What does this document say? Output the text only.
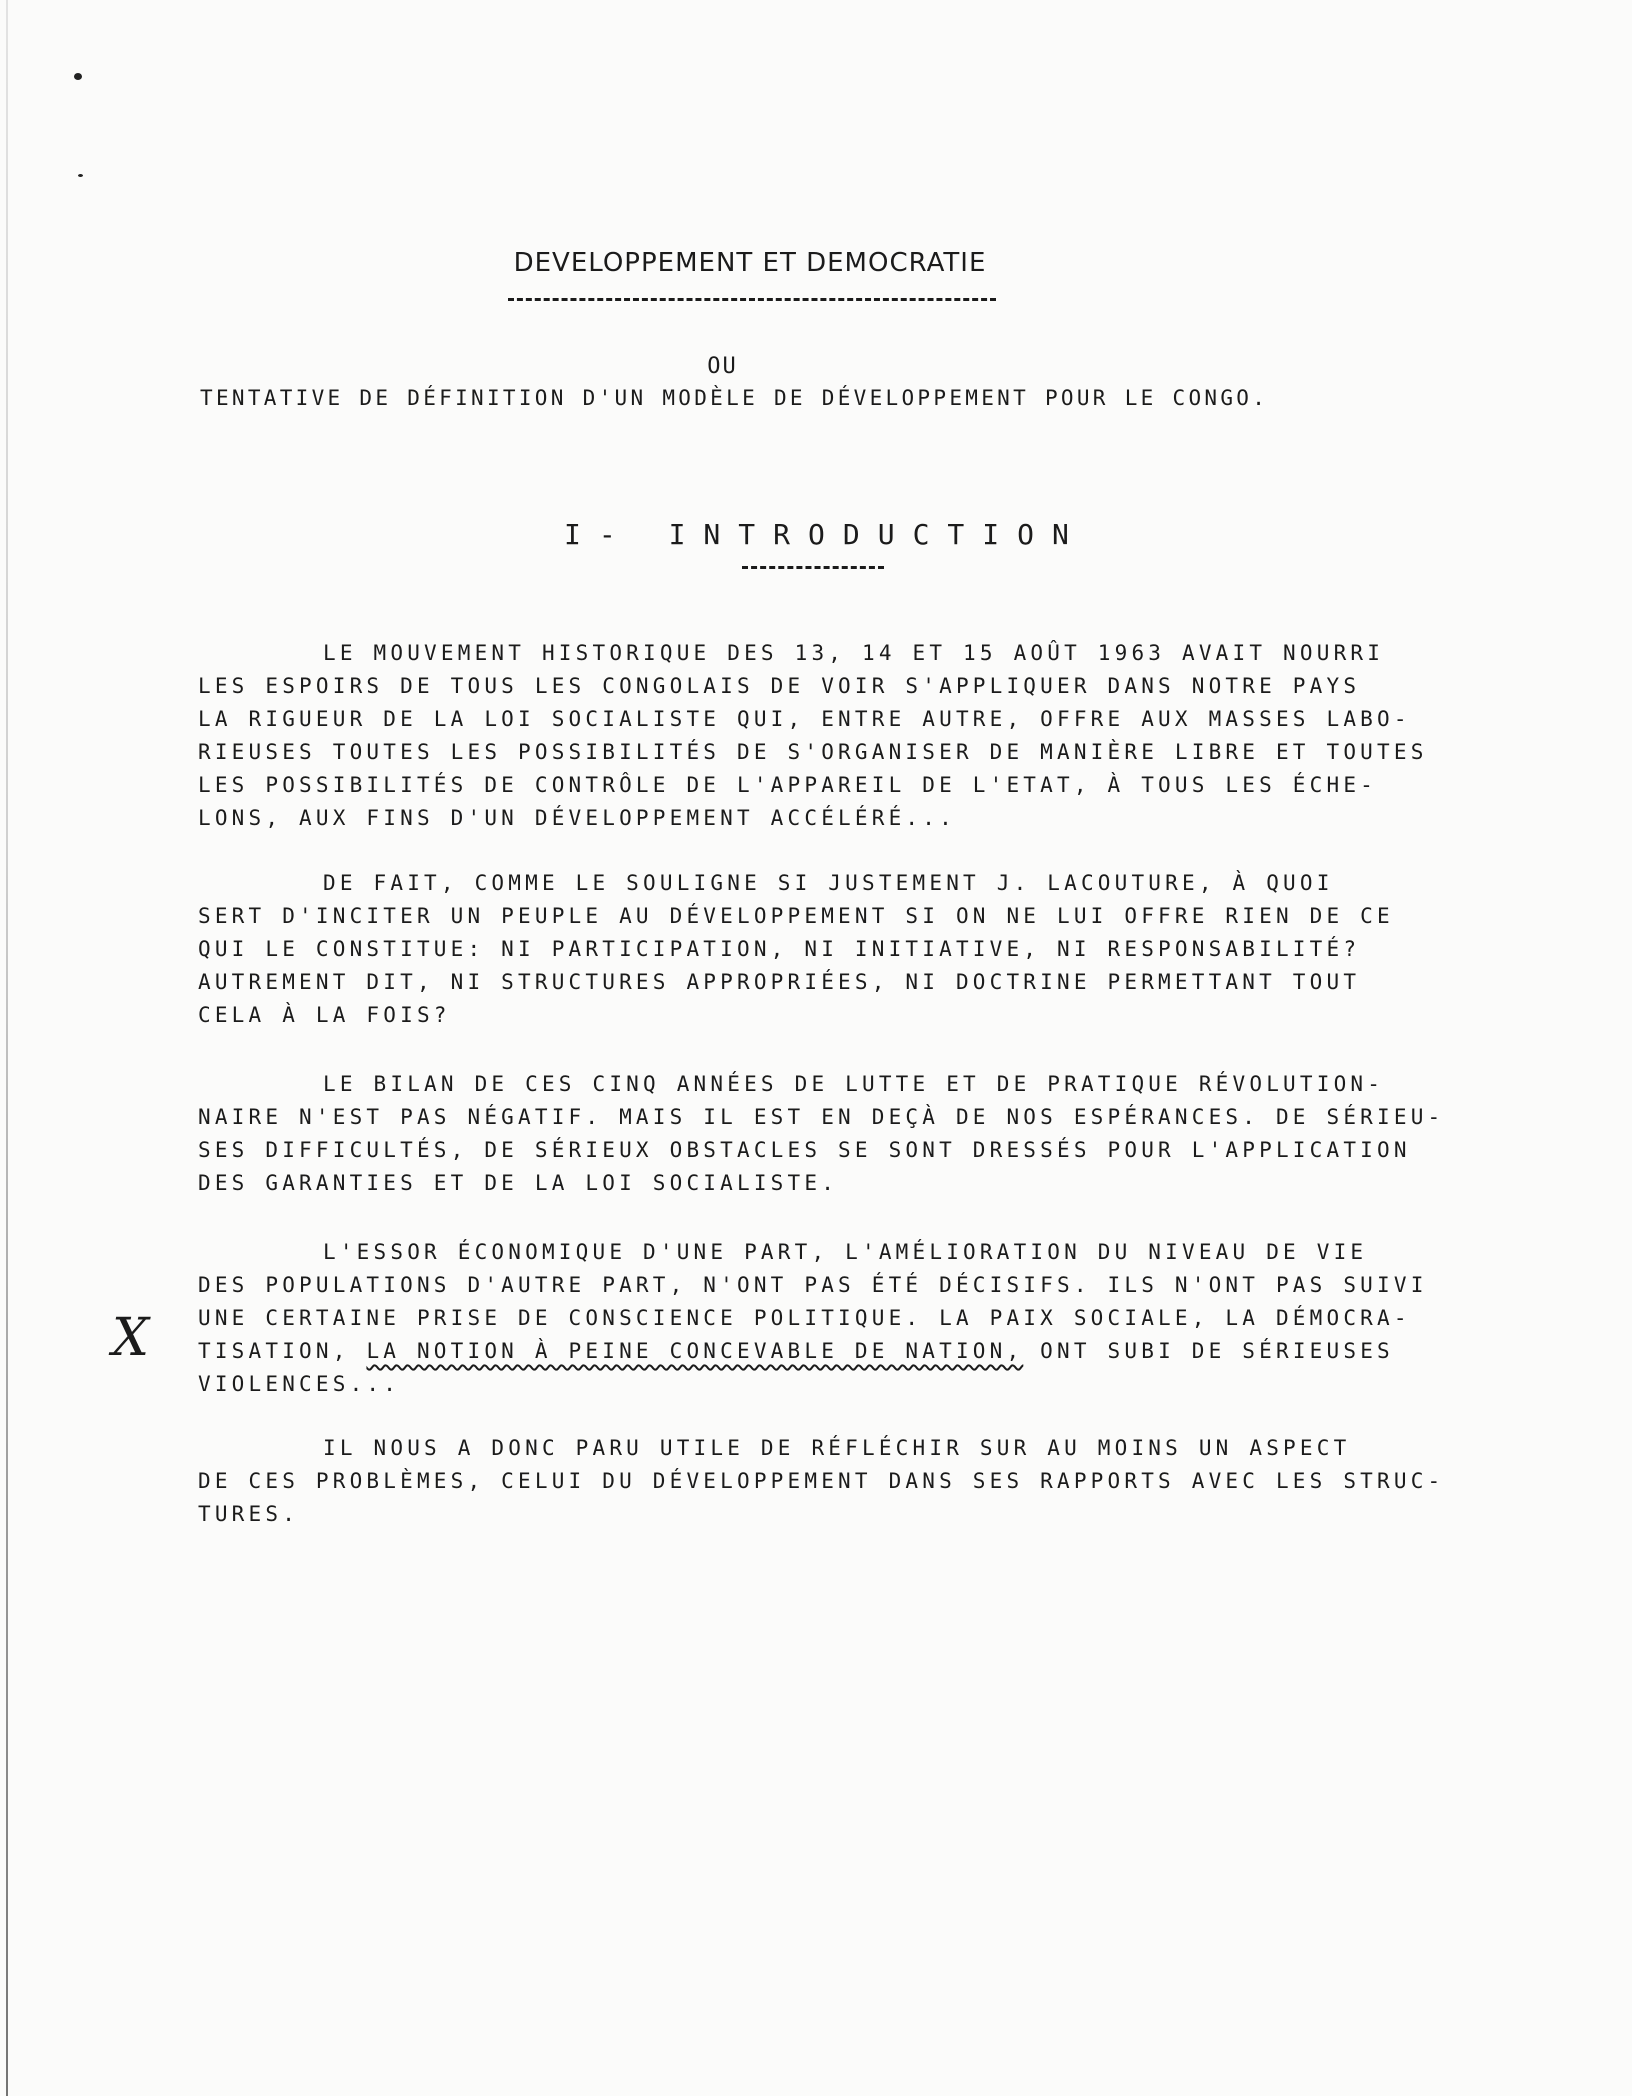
DEVELOPPEMENT ET DEMOCRATIE
OU
TENTATIVE DE DÉFINITION D'UN MODÈLE DE DÉVELOPPEMENT POUR LE CONGO.
I- INTRODUCTION
LE MOUVEMENT HISTORIQUE DES 13, 14 ET 15 AOÛT 1963 AVAIT NOURRI
LES ESPOIRS DE TOUS LES CONGOLAIS DE VOIR S'APPLIQUER DANS NOTRE PAYS
LA RIGUEUR DE LA LOI SOCIALISTE QUI, ENTRE AUTRE, OFFRE AUX MASSES LABO-
RIEUSES TOUTES LES POSSIBILITÉS DE S'ORGANISER DE MANIÈRE LIBRE ET TOUTES
LES POSSIBILITÉS DE CONTRÔLE DE L'APPAREIL DE L'ETAT, À TOUS LES ÉCHE-
LONS, AUX FINS D'UN DÉVELOPPEMENT ACCÉLÉRÉ...
DE FAIT, COMME LE SOULIGNE SI JUSTEMENT J. LACOUTURE, À QUOI
SERT D'INCITER UN PEUPLE AU DÉVELOPPEMENT SI ON NE LUI OFFRE RIEN DE CE
QUI LE CONSTITUE: NI PARTICIPATION, NI INITIATIVE, NI RESPONSABILITÉ?
AUTREMENT DIT, NI STRUCTURES APPROPRIÉES, NI DOCTRINE PERMETTANT TOUT
CELA À LA FOIS?
LE BILAN DE CES CINQ ANNÉES DE LUTTE ET DE PRATIQUE RÉVOLUTION-
NAIRE N'EST PAS NÉGATIF. MAIS IL EST EN DEÇÀ DE NOS ESPÉRANCES. DE SÉRIEU-
SES DIFFICULTÉS, DE SÉRIEUX OBSTACLES SE SONT DRESSÉS POUR L'APPLICATION
DES GARANTIES ET DE LA LOI SOCIALISTE.
L'ESSOR ÉCONOMIQUE D'UNE PART, L'AMÉLIORATION DU NIVEAU DE VIE
DES POPULATIONS D'AUTRE PART, N'ONT PAS ÉTÉ DÉCISIFS. ILS N'ONT PAS SUIVI
UNE CERTAINE PRISE DE CONSCIENCE POLITIQUE. LA PAIX SOCIALE, LA DÉMOCRA-
TISATION, LA NOTION À PEINE CONCEVABLE DE NATION, ONT SUBI DE SÉRIEUSES
VIOLENCES...
X
IL NOUS A DONC PARU UTILE DE RÉFLÉCHIR SUR AU MOINS UN ASPECT
DE CES PROBLÈMES, CELUI DU DÉVELOPPEMENT DANS SES RAPPORTS AVEC LES STRUC-
TURES.
